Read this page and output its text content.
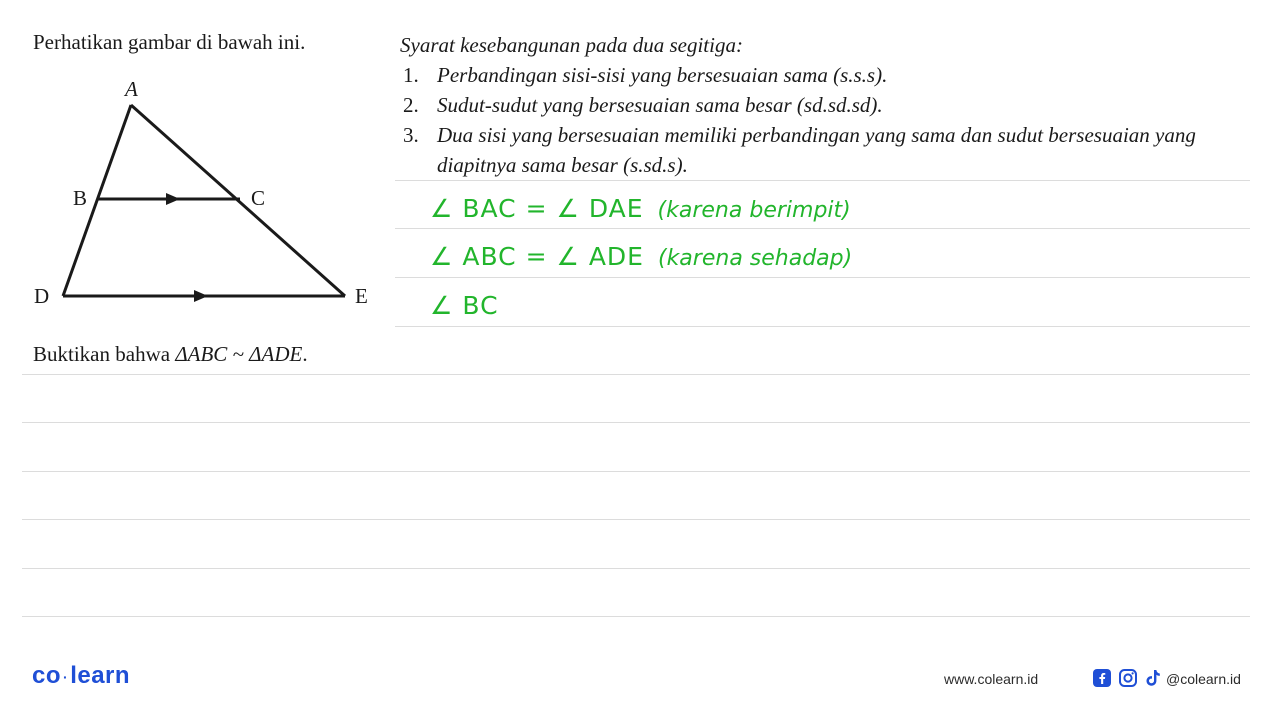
Perhatikan gambar di bawah ini.
A
B	C
D	E
Buktikan bahwa ΔABC ~ ΔADE.
Syarat kesebangunan pada dua segitiga:
1. Perbandingan sisi-sisi yang bersesuaian sama (s.s.s).
2. Sudut-sudut yang bersesuaian sama besar (sd.sd.sd).
3. Dua sisi yang bersesuaian memiliki perbandingan yang sama dan sudut bersesuaian yang diapitnya sama besar (s.sd.s).
∠ BAC = ∠ DAE (karena berimpit)
∠ ABC = ∠ ADE (karena sehadap)
∠ BC
co ·learn	www.colearn.id	@colearn.id
